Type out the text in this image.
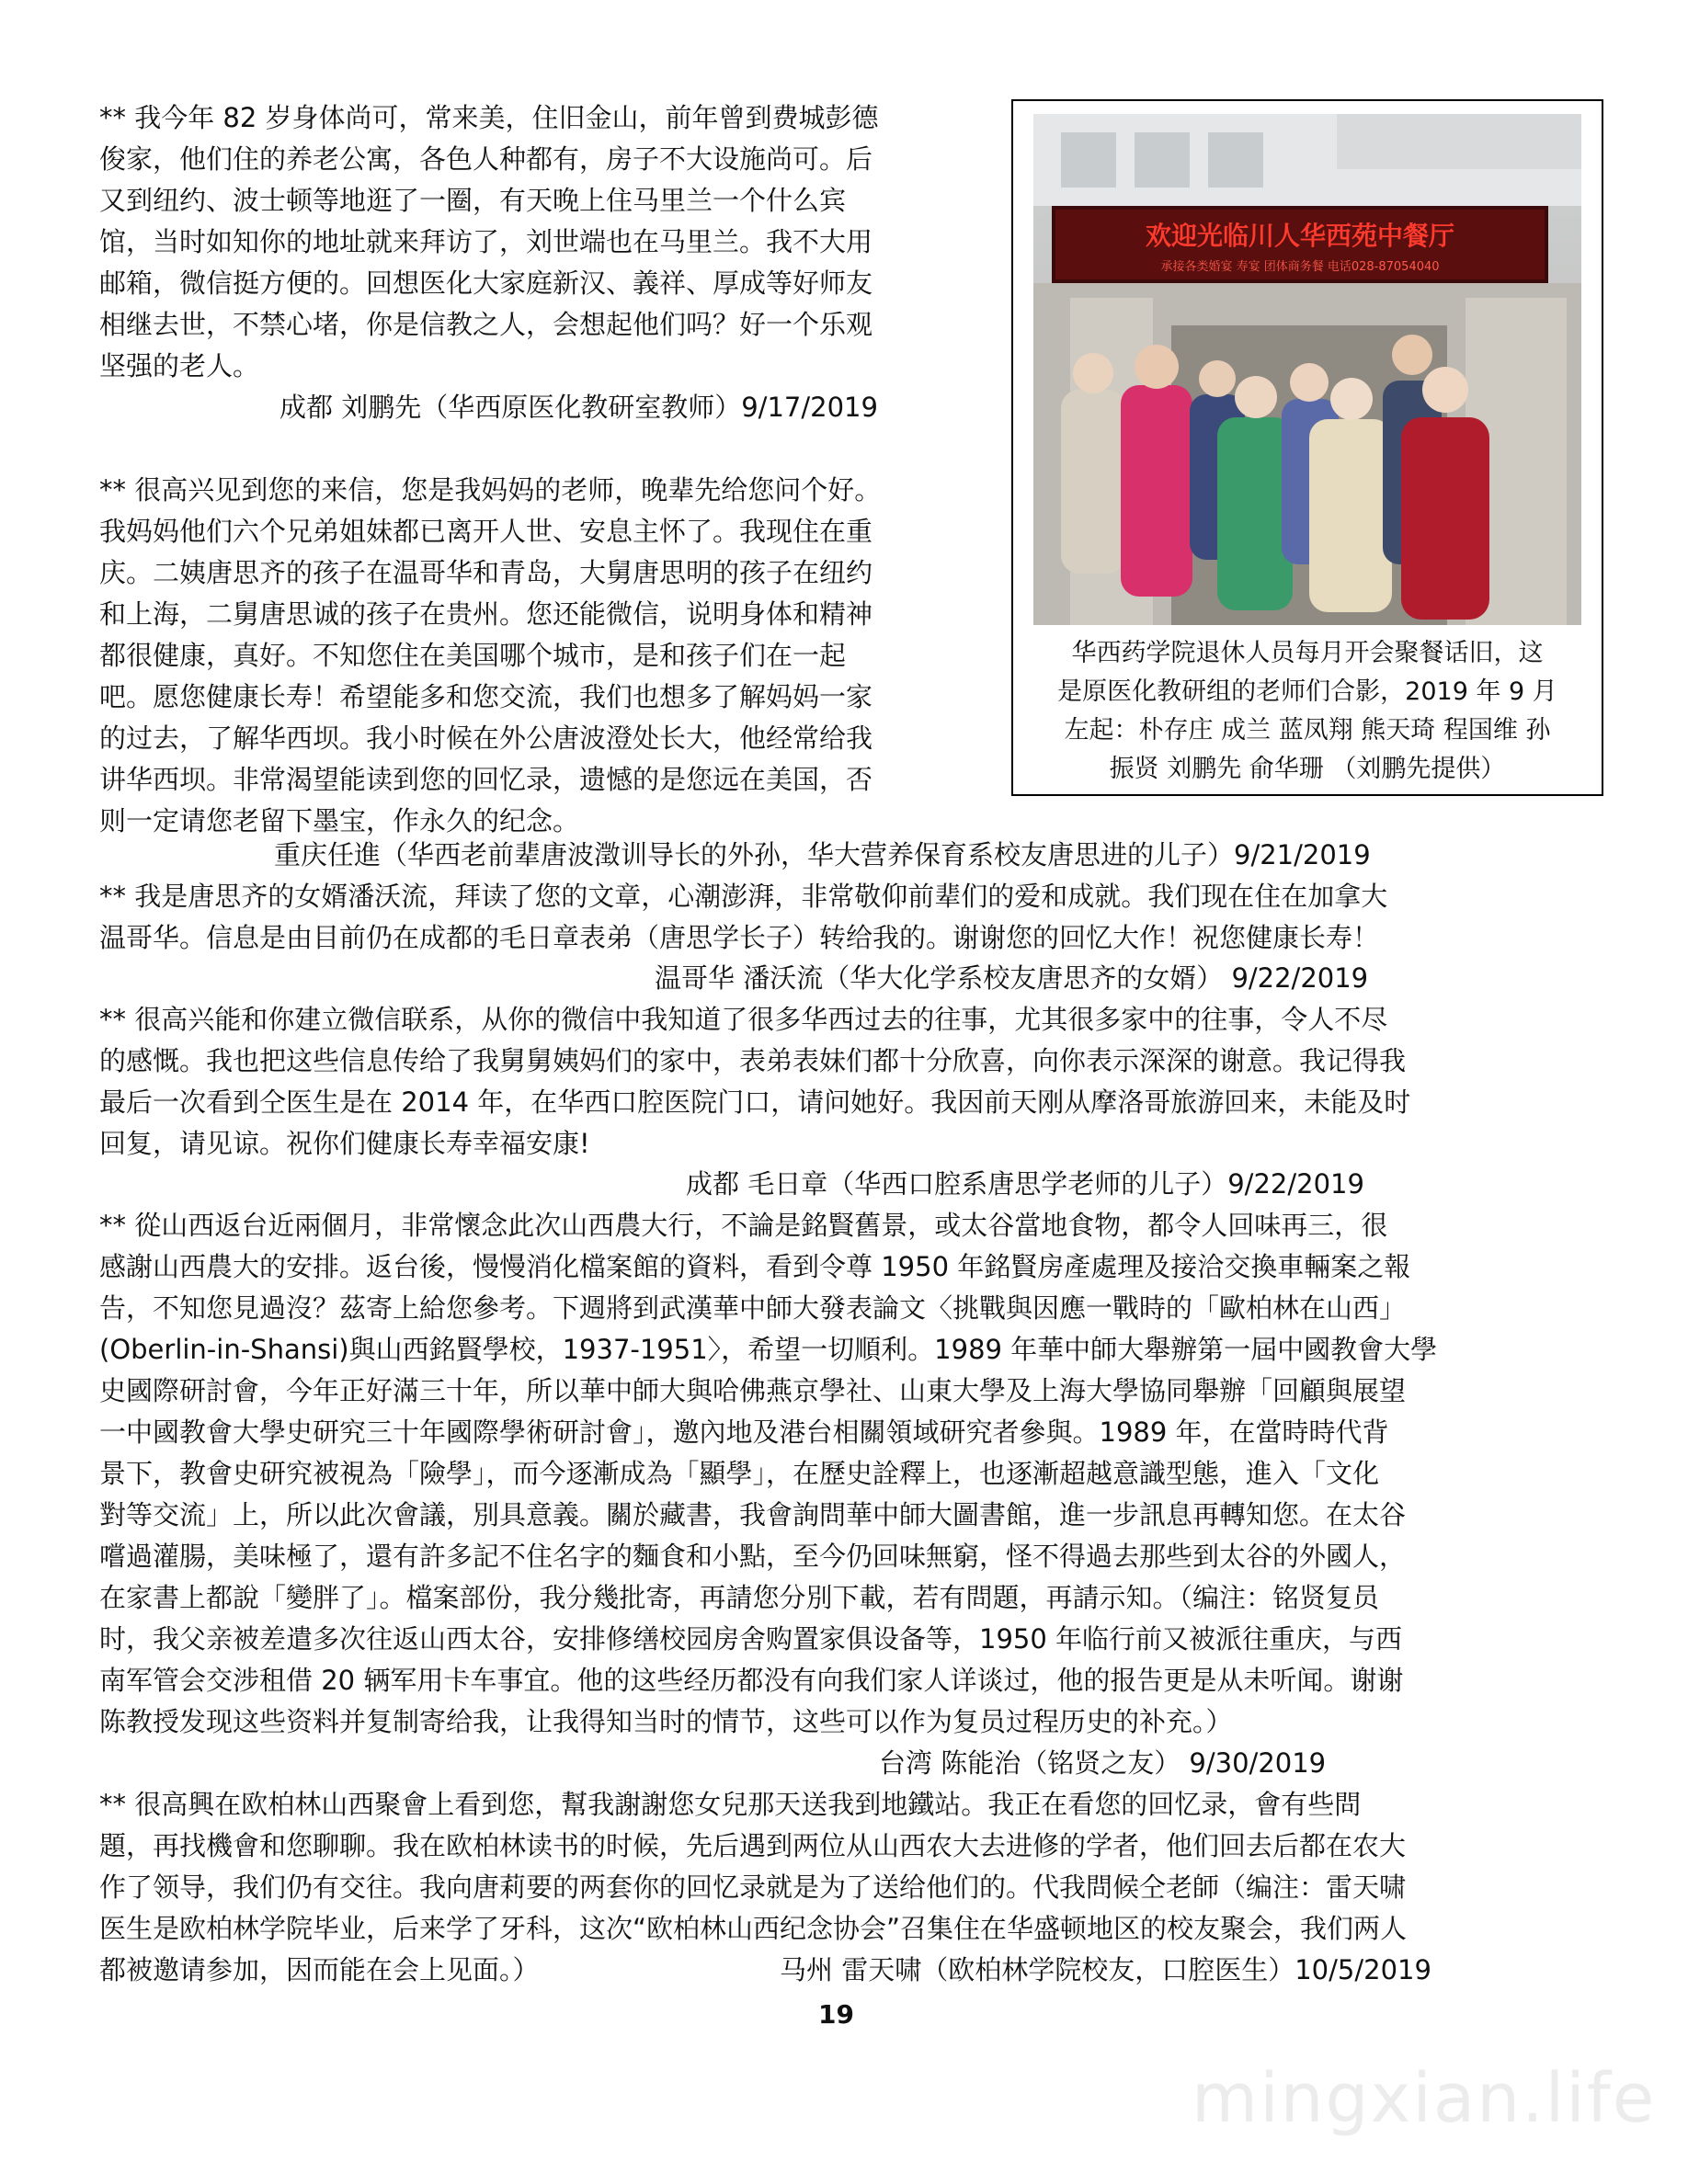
** 我今年 82 岁身体尚可，常来美，住旧金山，前年曾到费城彭德
俊家，他们住的养老公寓，各色人种都有，房子不大设施尚可。后
又到纽约、波士顿等地逛了一圈，有天晚上住马里兰一个什么宾
馆，当时如知你的地址就来拜访了，刘世端也在马里兰。我不大用
邮箱，微信挺方便的。回想医化大家庭新汉、義祥、厚成等好师友
相继去世，不禁心堵，你是信教之人，会想起他们吗？好一个乐观
坚强的老人。
成都 刘鹏先（华西原医化教研室教师）9/17/2019
** 很高兴见到您的来信，您是我妈妈的老师，晚辈先给您问个好。
我妈妈他们六个兄弟姐妹都已离开人世、安息主怀了。我现住在重
庆。二姨唐思齐的孩子在温哥华和青岛，大舅唐思明的孩子在纽约
和上海，二舅唐思诚的孩子在贵州。您还能微信，说明身体和精神
都很健康，真好。不知您住在美国哪个城市，是和孩子们在一起
吧。愿您健康长寿！希望能多和您交流，我们也想多了解妈妈一家
的过去，了解华西坝。我小时候在外公唐波澄处长大，他经常给我
讲华西坝。非常渴望能读到您的回忆录，遗憾的是您远在美国，否
则一定请您老留下墨宝，作永久的纪念。
重庆任進（华西老前辈唐波澂训导长的外孙，华大营养保育系校友唐思进的儿子）9/21/2019
** 我是唐思齐的女婿潘沃流，拜读了您的文章，心潮澎湃，非常敬仰前辈们的爱和成就。我们现在住在加拿大
温哥华。信息是由目前仍在成都的毛日章表弟（唐思学长子）转给我的。谢谢您的回忆大作！祝您健康长寿！
温哥华 潘沃流（华大化学系校友唐思齐的女婿） 9/22/2019
** 很高兴能和你建立微信联系，从你的微信中我知道了很多华西过去的往事，尤其很多家中的往事，令人不尽
的感慨。我也把这些信息传给了我舅舅姨妈们的家中，表弟表妹们都十分欣喜，向你表示深深的谢意。我记得我
最后一次看到仝医生是在 2014 年，在华西口腔医院门口，请问她好。我因前天刚从摩洛哥旅游回来，未能及时
回复，请见谅。祝你们健康长寿幸福安康!
成都 毛日章（华西口腔系唐思学老师的儿子）9/22/2019
** 從山西返台近兩個月，非常懷念此次山西農大行，不論是銘賢舊景，或太谷當地食物，都令人回味再三，很
感謝山西農大的安排。返台後，慢慢消化檔案館的資料，看到令尊 1950 年銘賢房產處理及接洽交換車輛案之報
告，不知您見過沒？茲寄上給您參考。下週將到武漢華中師大發表論文〈挑戰與因應一戰時的「歐柏林在山西」
(Oberlin-in-Shansi)與山西銘賢學校，1937-1951〉，希望一切順利。1989 年華中師大舉辦第一屆中國教會大學
史國際研討會，今年正好滿三十年，所以華中師大與哈佛燕京學社、山東大學及上海大學協同舉辦「回顧與展望
一中國教會大學史研究三十年國際學術研討會」，邀內地及港台相關領域研究者參與。1989 年，在當時時代背
景下，教會史研究被視為「險學」，而今逐漸成為「顯學」，在歷史詮釋上，也逐漸超越意識型態，進入「文化
對等交流」上，所以此次會議，別具意義。關於藏書，我會詢問華中師大圖書館，進一步訊息再轉知您。在太谷
嚐過灌腸，美味極了，還有許多記不住名字的麵食和小點，至今仍回味無窮，怪不得過去那些到太谷的外國人，
在家書上都說「變胖了」。檔案部份，我分幾批寄，再請您分別下載，若有問題，再請示知。（编注：铭贤复员
时，我父亲被差遣多次往返山西太谷，安排修缮校园房舍购置家俱设备等，1950 年临行前又被派往重庆，与西
南军管会交涉租借 20 辆军用卡车事宜。他的这些经历都没有向我们家人详谈过，他的报告更是从未听闻。谢谢
陈教授发现这些资料并复制寄给我，让我得知当时的情节，这些可以作为复员过程历史的补充。）
台湾 陈能治（铭贤之友） 9/30/2019
** 很高興在欧柏林山西聚會上看到您，幫我謝謝您女兒那天送我到地鐵站。我正在看您的回忆录，會有些問
題，再找機會和您聊聊。我在欧柏林读书的时候，先后遇到两位从山西农大去进修的学者，他们回去后都在农大
作了领导，我们仍有交往。我向唐莉要的两套你的回忆录就是为了送给他们的。代我問候仝老師（编注：雷天啸
医生是欧柏林学院毕业，后来学了牙科，这次“欧柏林山西纪念协会”召集住在华盛顿地区的校友聚会，我们两人
都被邀请参加，因而能在会上见面。）	马州 雷天啸（欧柏林学院校友，口腔医生）10/5/2019
欢迎光临川人华西苑中餐厅
承接各类婚宴 寿宴 团体商务餐 电话028-87054040
华西药学院退休人员每月开会聚餐话旧，这
是原医化教研组的老师们合影，2019 年 9 月
左起：朴存庄 成兰 蓝凤翔 熊天琦 程国维 孙
振贤 刘鹏先 俞华珊 （刘鹏先提供）
19
mingxian.life
